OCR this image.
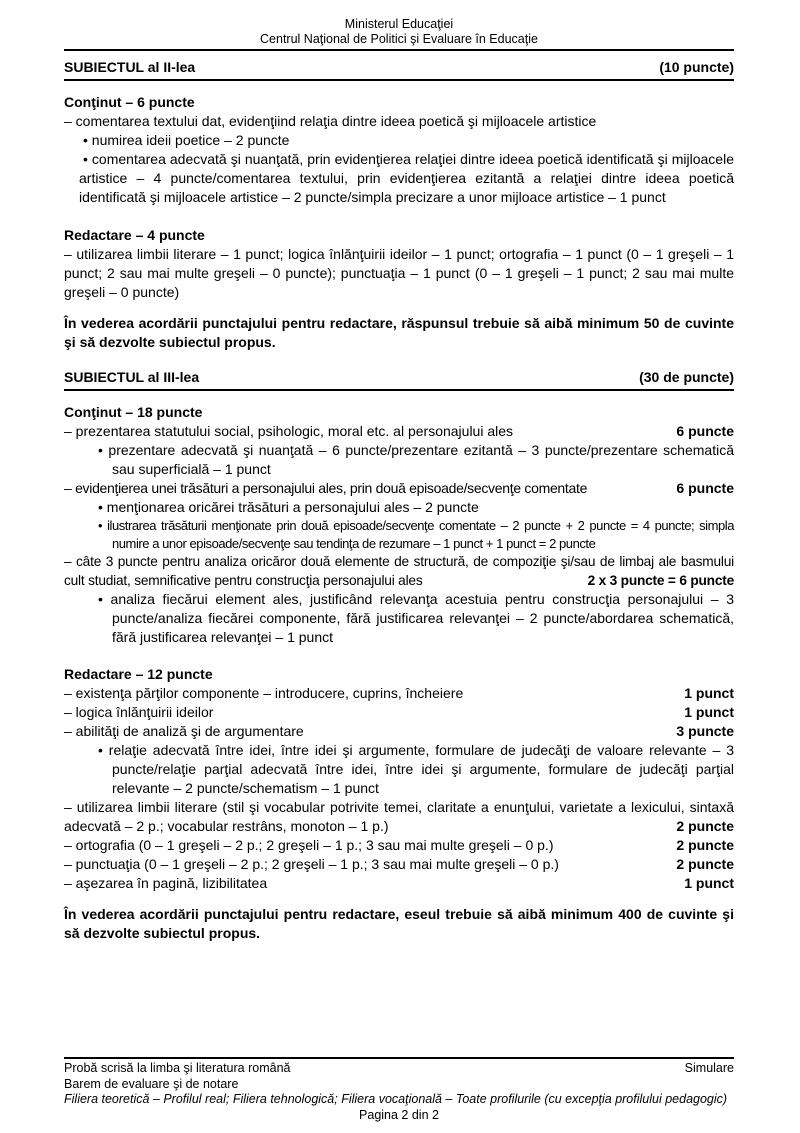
Ministerul Educaţiei
Centrul Naţional de Politici şi Evaluare în Educaţie
SUBIECTUL al II-lea	(10 puncte)

Conţinut – 6 puncte

– comentarea textului dat, evidenţiind relaţia dintre ideea poetică şi mijloacele artistice

• numirea ideii poetice – 2 puncte

• comentarea adecvată şi nuanţată, prin evidenţierea relaţiei dintre ideea poetică identificată şi mijloacele artistice – 4 puncte/comentarea textului, prin evidenţierea ezitantă a relaţiei dintre ideea poetică identificată şi mijloacele artistice – 2 puncte/simpla precizare a unor mijloace artistice – 1 punct

Redactare – 4 puncte

– utilizarea limbii literare – 1 punct; logica înlănţuirii ideilor – 1 punct; ortografia – 1 punct (0 – 1 greşeli – 1 punct; 2 sau mai multe greşeli – 0 puncte); punctuaţia – 1 punct (0 – 1 greşeli – 1 punct; 2 sau mai multe greşeli – 0 puncte)

În vederea acordării punctajului pentru redactare, răspunsul trebuie să aibă minimum 50 de cuvinte şi să dezvolte subiectul propus.

SUBIECTUL al III-lea	(30 de puncte)

Conţinut – 18 puncte

– prezentarea statutului social, psihologic, moral etc. al personajului ales	6 puncte

• prezentare adecvată şi nuanţată – 6 puncte/prezentare ezitantă – 3 puncte/prezentare schematică sau superficială – 1 punct

– evidenţierea unei trăsături a personajului ales, prin două episoade/secvenţe comentate	6 puncte

• menţionarea oricărei trăsături a personajului ales – 2 puncte

• ilustrarea trăsăturii menţionate prin două episoade/secvenţe comentate – 2 puncte + 2 puncte = 4 puncte; simpla numire a unor episoade/secvenţe sau tendinţa de rezumare – 1 punct + 1 punct = 2 puncte

– câte 3 puncte pentru analiza oricăror două elemente de structură, de compoziţie şi/sau de limbaj ale basmului cult studiat, semnificative pentru construcţia personajului ales	2 x 3 puncte = 6 puncte

• analiza fiecărui element ales, justificând relevanţa acestuia pentru construcţia personajului – 3 puncte/analiza fiecărei componente, fără justificarea relevanţei – 2 puncte/abordarea schematică, fără justificarea relevanţei – 1 punct

Redactare – 12 puncte

– existenţa părţilor componente – introducere, cuprins, încheiere	1 punct

– logica înlănţuirii ideilor	1 punct

– abilităţi de analiză şi de argumentare	3 puncte

• relaţie adecvată între idei, între idei şi argumente, formulare de judecăţi de valoare relevante – 3 puncte/relaţie parţial adecvată între idei, între idei şi argumente, formulare de judecăţi parţial relevante – 2 puncte/schematism – 1 punct

– utilizarea limbii literare (stil şi vocabular potrivite temei, claritate a enunţului, varietate a lexicului, sintaxă adecvată – 2 p.; vocabular restrâns, monoton – 1 p.)	2 puncte

– ortografia (0 – 1 greşeli – 2 p.; 2 greşeli – 1 p.; 3 sau mai multe greşeli – 0 p.)	2 puncte

– punctuaţia (0 – 1 greşeli – 2 p.; 2 greşeli – 1 p.; 3 sau mai multe greşeli – 0 p.)	2 puncte

– aşezarea în pagină, lizibilitatea	1 punct

În vederea acordării punctajului pentru redactare, eseul trebuie să aibă minimum 400 de cuvinte şi să dezvolte subiectul propus.

Probă scrisă la limba şi literatura română	Simulare
Barem de evaluare şi de notare
Filiera teoretică – Profilul real; Filiera tehnologică; Filiera vocaţională – Toate profilurile (cu excepţia profilului pedagogic)
Pagina 2 din 2
